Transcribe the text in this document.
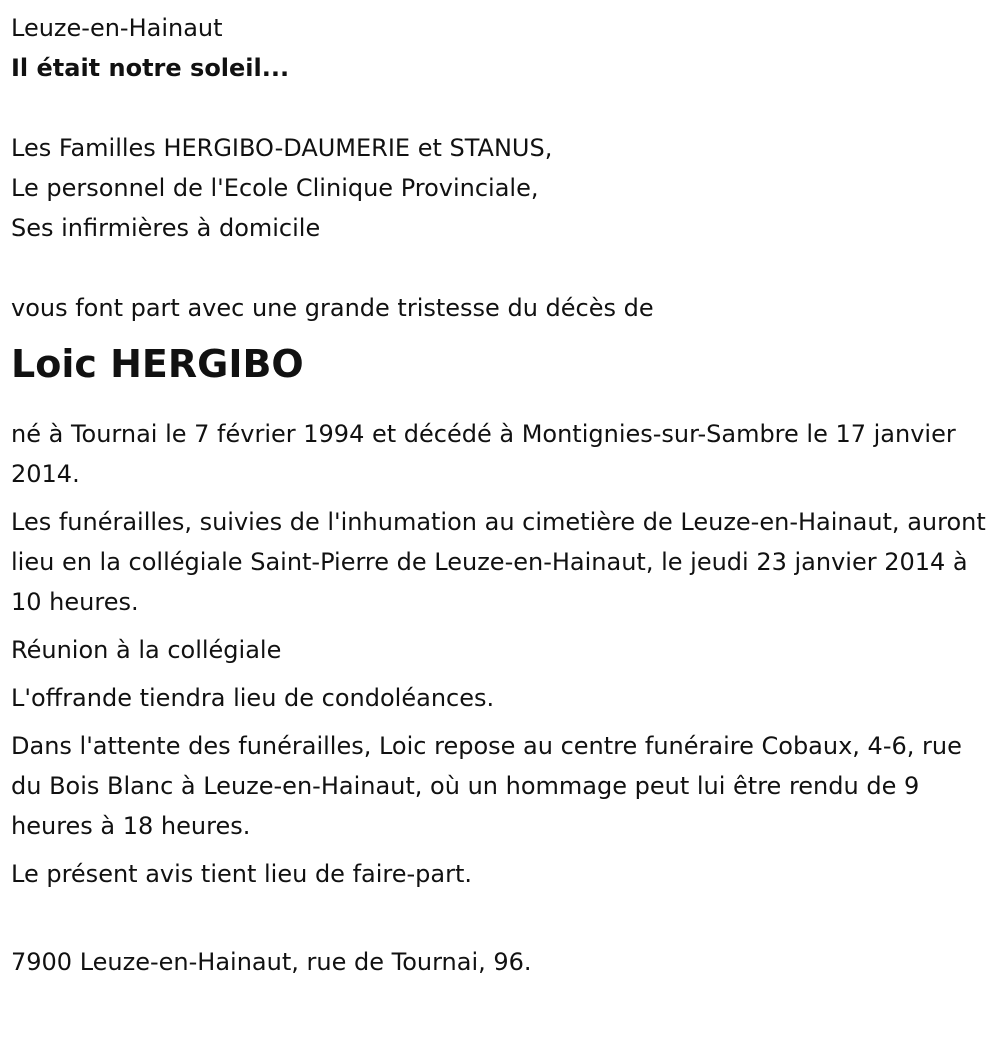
Leuze-en-Hainaut

Il était notre soleil...

Les Familles HERGIBO-DAUMERIE et STANUS,

Le personnel de l'Ecole Clinique Provinciale,

Ses infirmières à domicile

vous font part avec une grande tristesse du décès de

Loic HERGIBO

né à Tournai le 7 février 1994 et décédé à Montignies-sur-Sambre le 17 janvier 2014.

Les funérailles, suivies de l'inhumation au cimetière de Leuze-en-Hainaut, auront lieu en la collégiale Saint-Pierre de Leuze-en-Hainaut, le jeudi 23 janvier 2014 à 10 heures.

Réunion à la collégiale

L'offrande tiendra lieu de condoléances.

Dans l'attente des funérailles, Loic repose au centre funéraire Cobaux, 4-6, rue du Bois Blanc à Leuze-en-Hainaut, où un hommage peut lui être rendu de 9 heures à 18 heures.

Le présent avis tient lieu de faire-part.

7900 Leuze-en-Hainaut, rue de Tournai, 96.
